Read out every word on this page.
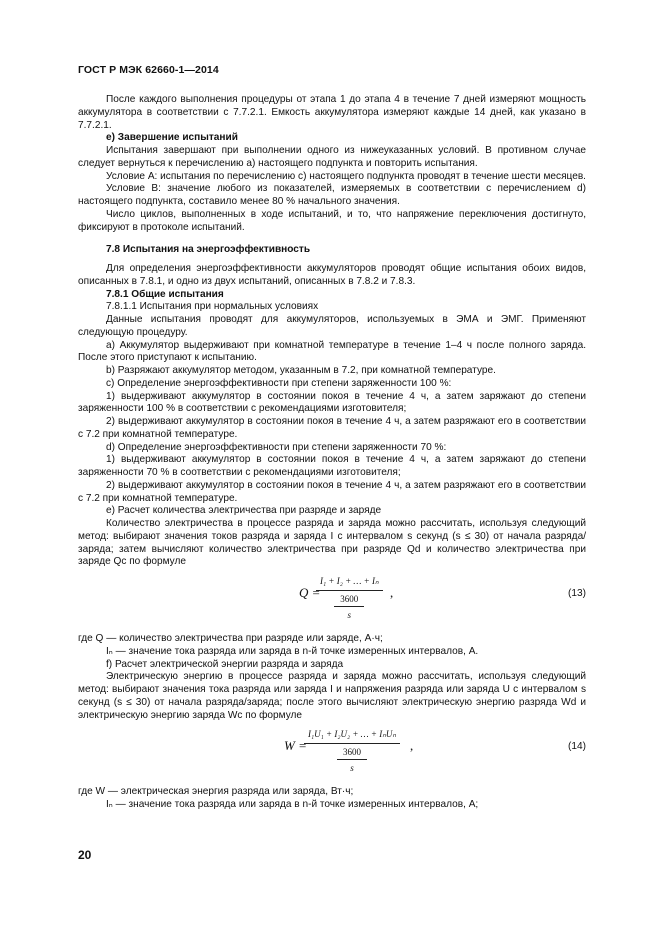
ГОСТ Р МЭК 62660-1—2014

После каждого выполнения процедуры от этапа 1 до этапа 4 в течение 7 дней измеряют мощность аккумулятора в соответствии с 7.7.2.1. Емкость аккумулятора измеряют каждые 14 дней, как указано в 7.7.2.1.

е) Завершение испытаний

Испытания завершают при выполнении одного из нижеуказанных условий. В противном случае следует вернуться к перечислению а) настоящего подпункта и повторить испытания.

Условие А: испытания по перечислению с) настоящего подпункта проводят в течение шести месяцев.

Условие В: значение любого из показателей, измеряемых в соответствии с перечислением d) настоящего подпункта, составило менее 80 % начального значения.

Число циклов, выполненных в ходе испытаний, и то, что напряжение переключения достигнуто, фиксируют в протоколе испытаний.

7.8 Испытания на энергоэффективность

Для определения энергоэффективности аккумуляторов проводят общие испытания обоих видов, описанных в 7.8.1, и одно из двух испытаний, описанных в 7.8.2 и 7.8.3.

7.8.1 Общие испытания

7.8.1.1 Испытания при нормальных условиях

Данные испытания проводят для аккумуляторов, используемых в ЭМА и ЭМГ. Применяют следующую процедуру.

а) Аккумулятор выдерживают при комнатной температуре в течение 1–4 ч после полного заряда. После этого приступают к испытанию.

b) Разряжают аккумулятор методом, указанным в 7.2, при комнатной температуре.

с) Определение энергоэффективности при степени заряженности 100 %:

1) выдерживают аккумулятор в состоянии покоя в течение 4 ч, а затем заряжают до степени заряженности 100 % в соответствии с рекомендациями изготовителя;

2) выдерживают аккумулятор в состоянии покоя в течение 4 ч, а затем разряжают его в соответствии с 7.2 при комнатной температуре.

d) Определение энергоэффективности при степени заряженности 70 %:

1) выдерживают аккумулятор в состоянии покоя в течение 4 ч, а затем заряжают до степени заряженности 70 % в соответствии с рекомендациями изготовителя;

2) выдерживают аккумулятор в состоянии покоя в течение 4 ч, а затем разряжают его в соответствии с 7.2 при комнатной температуре.

е) Расчет количества электричества при разряде и заряде

Количество электричества в процессе разряда и заряда можно рассчитать, используя следующий метод: выбирают значения токов разряда и заряда I с интервалом s секунд (s ≤ 30) от начала разряда/заряда; затем вычисляют количество электричества при разряде Qd и количество электричества при заряде Qc по формуле

Q =
I₁ + I₂ + … + Iₙ
3600
s
,	(13)

где Q — количество электричества при разряде или заряде, А·ч;

Iₙ — значение тока разряда или заряда в n-й точке измеренных интервалов, А.

f) Расчет электрической энергии разряда и заряда

Электрическую энергию в процессе разряда и заряда можно рассчитать, используя следующий метод: выбирают значения тока разряда или заряда I и напряжения разряда или заряда U с интервалом s секунд (s ≤ 30) от начала разряда/заряда; после этого вычисляют электрическую энергию разряда Wd и электрическую энергию заряда Wc по формуле

W =
I₁U₁ + I₂U₂ + … + IₙUₙ
3600
s
,	(14)

где W — электрическая энергия разряда или заряда, Вт·ч;

Iₙ — значение тока разряда или заряда в n-й точке измеренных интервалов, А;

20
